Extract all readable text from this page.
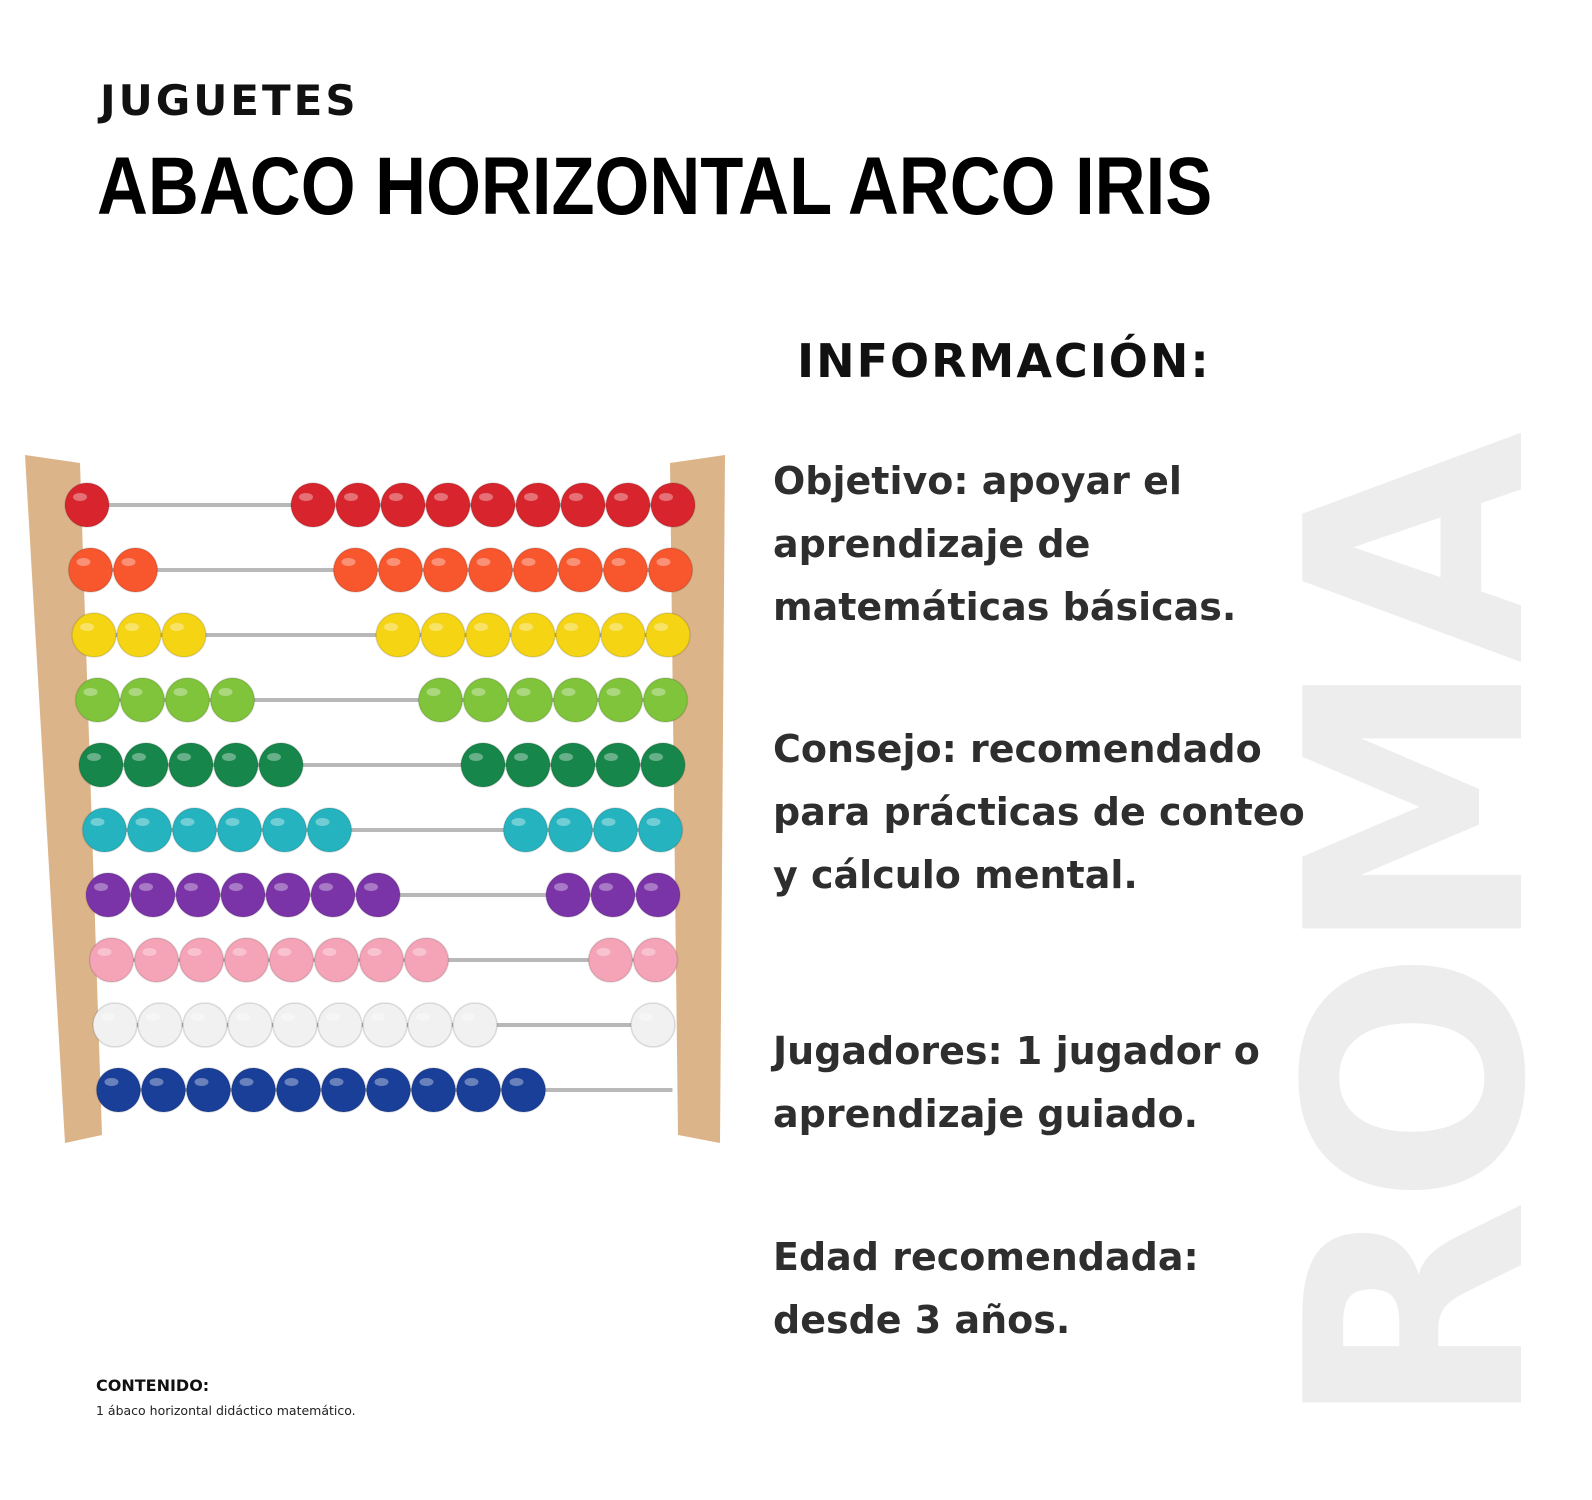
ROMA
JUGUETES
ABACO HORIZONTAL ARCO IRIS
INFORMACIÓN:

Objetivo: apoyar el aprendizaje de matemáticas básicas.

Consejo: recomendado para prácticas de conteo y cálculo mental.

Jugadores: 1 jugador o aprendizaje guiado.

Edad recomendada: desde 3 años.

CONTENIDO:
1 ábaco horizontal didáctico matemático.
